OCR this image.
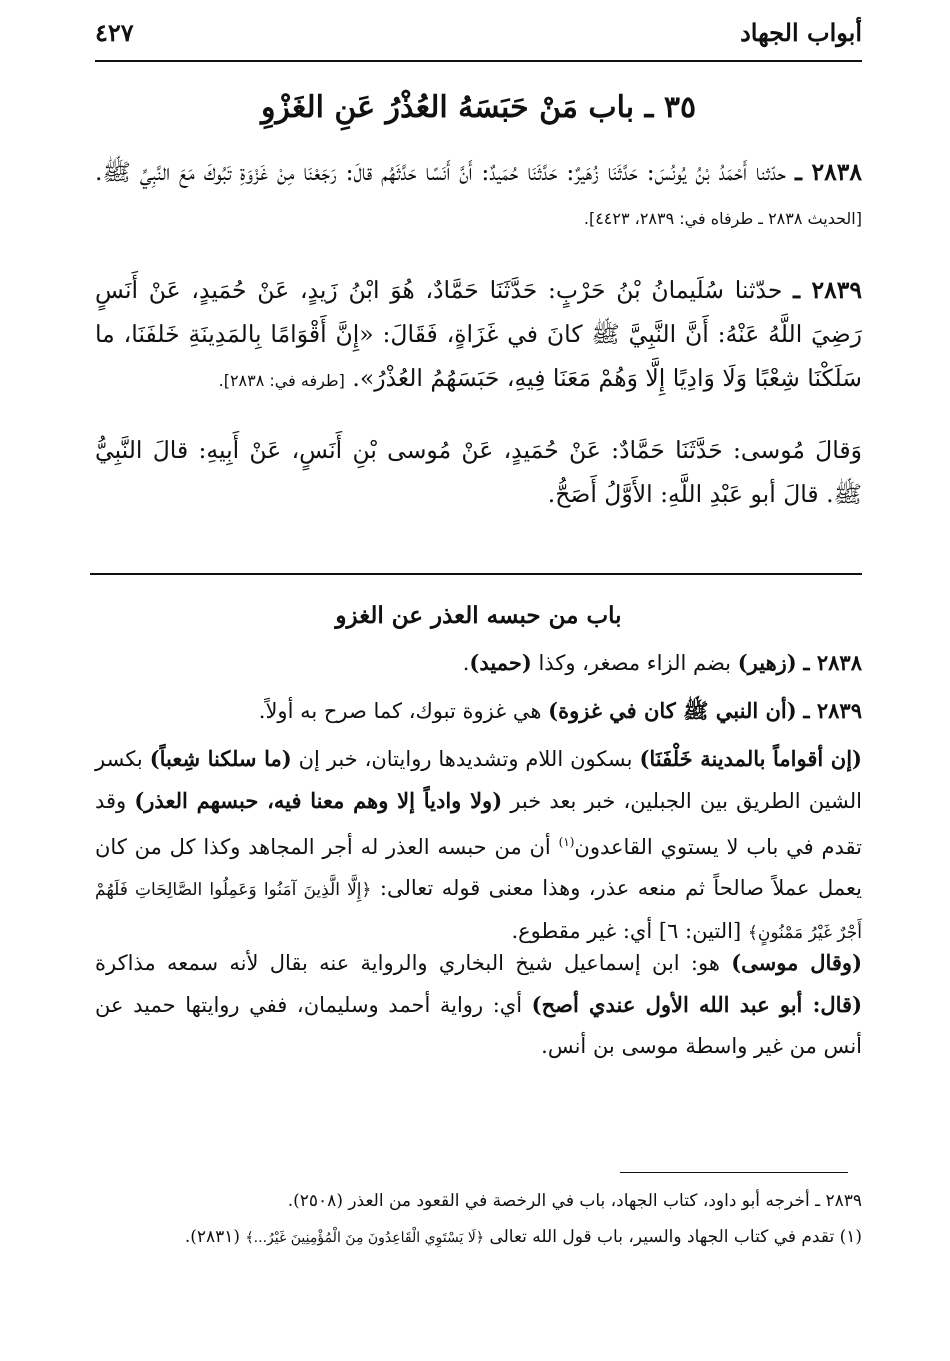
أبواب الجهاد
٤٢٧
٣٥ ـ باب مَنْ حَبَسَهُ العُذْرُ عَنِ الغَزْوِ
٢٨٣٨ ـ حدّثنا أَحْمَدُ بْنُ يُونُسَ: حَدَّثَنَا زُهَيرٌ: حَدَّثَنَا حُمَيدٌ: أَنَّ أَنَسًا حَدَّثَهُم قالَ: رَجَعْنَا مِنْ غَزْوَةِ تَبُوكَ مَعَ النَّبِيِّ ﷺ. [الحديث ٢٨٣٨ ـ طرفاه في: ٢٨٣٩، ٤٤٢٣].
٢٨٣٩ ـ حدّثنا سُلَيمانُ بْنُ حَرْبٍ: حَدَّثَنَا حَمَّادٌ، هُوَ ابْنُ زَيدٍ، عَنْ حُمَيدٍ، عَنْ أَنَسٍ رَضِيَ اللَّهُ عَنْهُ: أَنَّ النَّبِيَّ ﷺ كانَ في غَزَاةٍ، فَقَالَ: «إِنَّ أَقْوَامًا بِالمَدِينَةِ خَلفَنَا، ما سَلَكْنَا شِعْبًا وَلَا وَادِيًا إِلَّا وَهُمْ مَعَنَا فِيهِ، حَبَسَهُمُ العُذْرُ». [طرفه في: ٢٨٣٨].
وَقالَ مُوسى: حَدَّثَنَا حَمَّادٌ: عَنْ حُمَيدٍ، عَنْ مُوسى بْنِ أَنَسٍ، عَنْ أَبِيهِ: قالَ النَّبِيُّ ﷺ. قالَ أبو عَبْدِ اللَّهِ: الأَوَّلُ أَصَحُّ.
باب من حبسه العذر عن الغزو
٢٨٣٨ ـ (زهير) بضم الزاء مصغر، وكذا (حميد).
٢٨٣٩ ـ (أن النبي ﷺ كان في غزوة) هي غزوة تبوك، كما صرح به أولاً.
(إن أقواماً بالمدينة خَلْفَنَا) بسكون اللام وتشديدها روايتان، خبر إن (ما سلكنا شِعباً) بكسر الشين الطريق بين الجبلين، خبر بعد خبر (ولا وادياً إلا وهم معنا فيه، حبسهم العذر) وقد تقدم في باب لا يستوي القاعدون$^{(١)}$ أن من حبسه العذر له أجر المجاهد وكذا كل من كان يعمل عملاً صالحاً ثم منعه عذر، وهذا معنى قوله تعالى: ﴿إِلَّا الَّذِينَ آمَنُوا وَعَمِلُوا الصَّالِحَاتِ فَلَهُمْ أَجْرٌ غَيْرُ مَمْنُونٍ﴾ [التين: ٦] أي: غير مقطوع.
(وقال موسى) هو: ابن إسماعيل شيخ البخاري والرواية عنه بقال لأنه سمعه مذاكرة (قال: أبو عبد الله الأول عندي أصح) أي: رواية أحمد وسليمان، ففي روايتها حميد عن أنس من غير واسطة موسى بن أنس.
٢٨٣٩ ـ أخرجه أبو داود، كتاب الجهاد، باب في الرخصة في القعود من العذر (٢٥٠٨).
(١) تقدم في كتاب الجهاد والسير، باب قول الله تعالى ﴿لَا يَسْتَوِي الْقَاعِدُونَ مِنَ الْمُؤْمِنِينَ غَيْرُ...﴾ (٢٨٣١).
